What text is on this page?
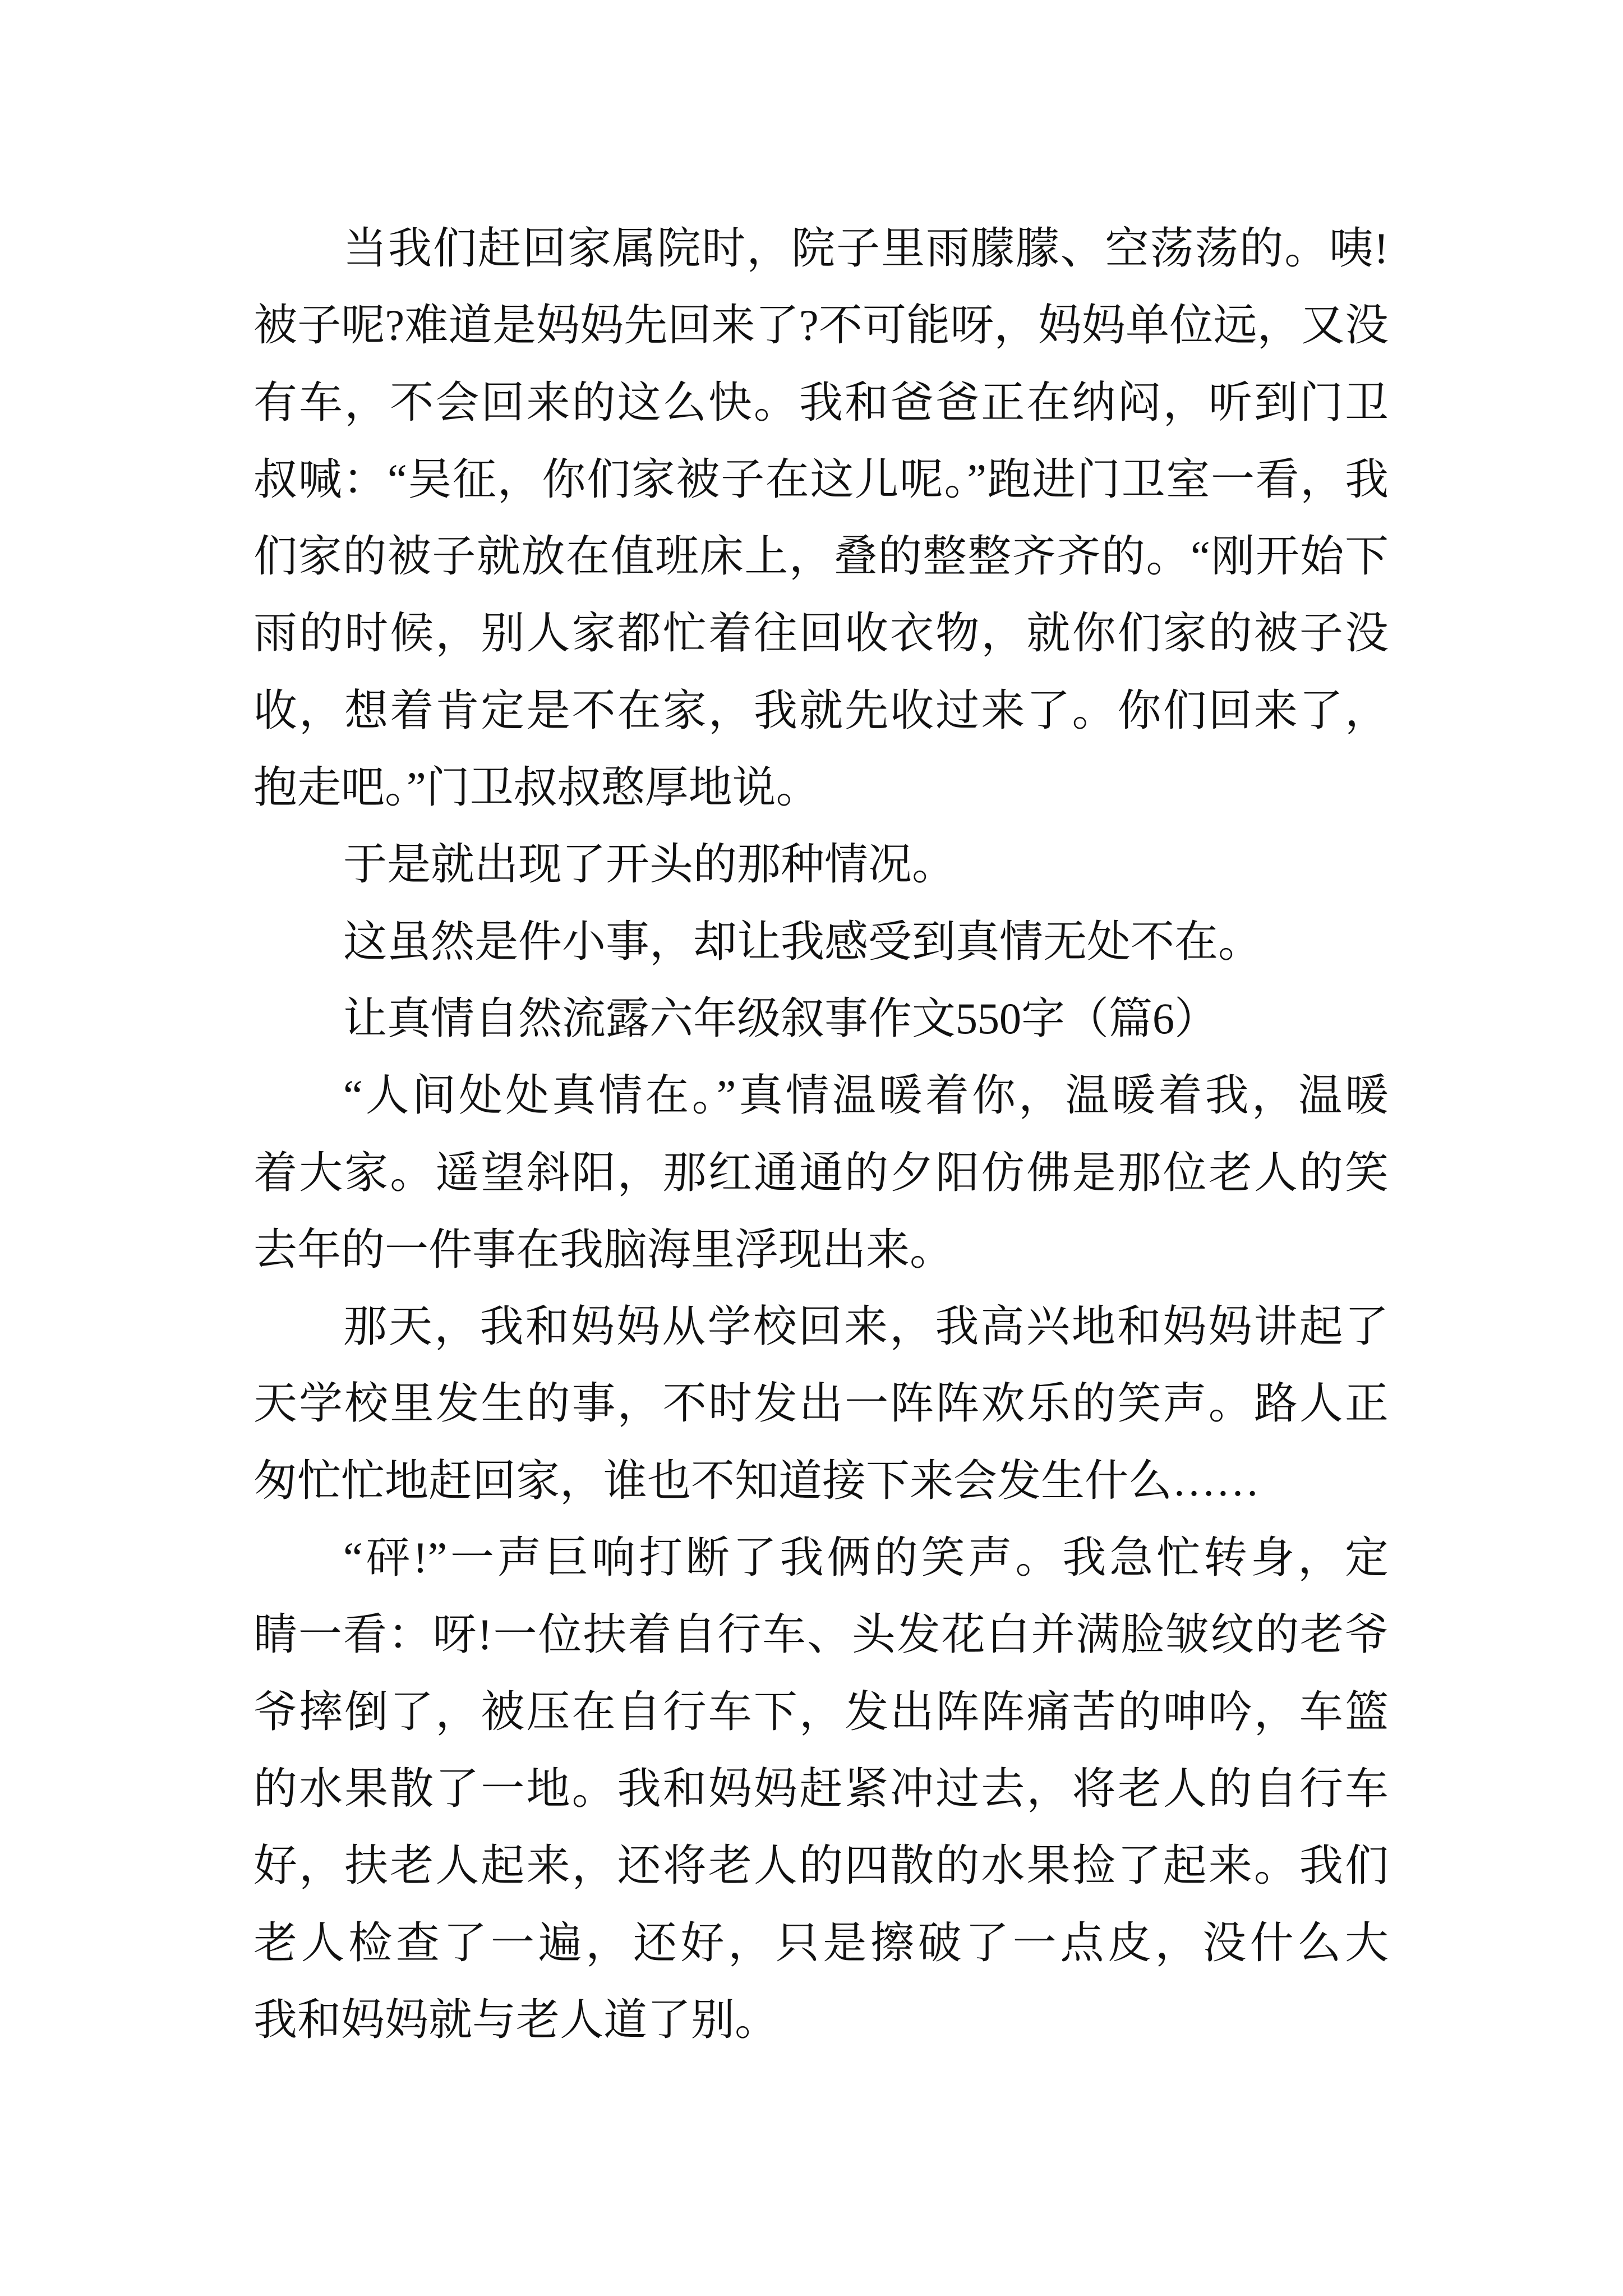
当我们赶回家属院时，院子里雨朦朦、空荡荡的。咦!
被子呢?难道是妈妈先回来了?不可能呀，妈妈单位远，又没
有车，不会回来的这么快。我和爸爸正在纳闷，听到门卫
叔喊：“吴征，你们家被子在这儿呢。”跑进门卫室一看，我
们家的被子就放在值班床上，叠的整整齐齐的。“刚开始下
雨的时候，别人家都忙着往回收衣物，就你们家的被子没
收，想着肯定是不在家，我就先收过来了。你们回来了，
抱走吧。”门卫叔叔憨厚地说。
于是就出现了开头的那种情况。
这虽然是件小事，却让我感受到真情无处不在。
让真情自然流露六年级叙事作文550字（篇6）
“人间处处真情在。”真情温暖着你，温暖着我，温暖
着大家。遥望斜阳，那红通通的夕阳仿佛是那位老人的笑
去年的一件事在我脑海里浮现出来。
那天，我和妈妈从学校回来，我高兴地和妈妈讲起了
天学校里发生的事，不时发出一阵阵欢乐的笑声。路人正
匆忙忙地赶回家，谁也不知道接下来会发生什么……
“砰!”一声巨响打断了我俩的笑声。我急忙转身，定
睛一看：呀!一位扶着自行车、头发花白并满脸皱纹的老爷
爷摔倒了，被压在自行车下，发出阵阵痛苦的呻吟，车篮
的水果散了一地。我和妈妈赶紧冲过去，将老人的自行车
好，扶老人起来，还将老人的四散的水果捡了起来。我们
老人检查了一遍，还好，只是擦破了一点皮，没什么大
我和妈妈就与老人道了别。
